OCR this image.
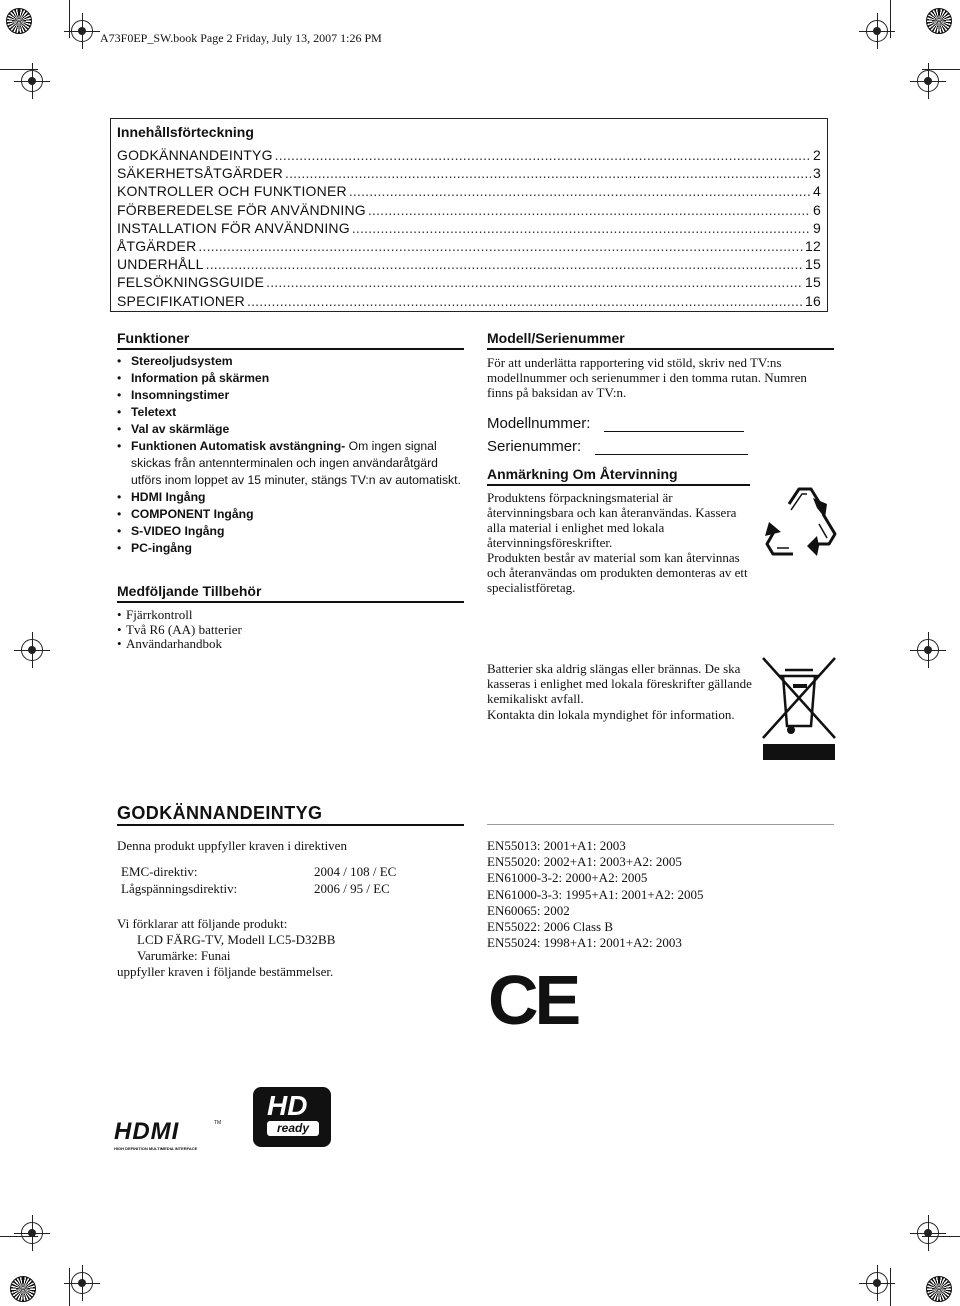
A73F0EP_SW.book Page 2 Friday, July 13, 2007 1:26 PM
Innehållsförteckning
GODKÄNNANDEINTYG .....	2
SÄKERHETSÅTGÄRDER .....	3
KONTROLLER OCH FUNKTIONER .....	4
FÖRBEREDELSE FÖR ANVÄNDNING .....	6
INSTALLATION FÖR ANVÄNDNING .....	9
ÅTGÄRDER .....	12
UNDERHÅLL .....	15
FELSÖKNINGSGUIDE .....	15
SPECIFIKATIONER .....	16
Funktioner
• Stereoljudsystem
• Information på skärmen
• Insomningstimer
• Teletext
• Val av skärmläge
• Funktionen Automatisk avstängning- Om ingen signal skickas från antennterminalen och ingen användaråtgärd utförs inom loppet av 15 minuter, stängs TV:n av automatiskt.
• HDMI Ingång
• COMPONENT Ingång
• S-VIDEO Ingång
• PC-ingång
Medföljande Tillbehör
• Fjärrkontroll
• Två R6 (AA) batterier
• Användarhandbok
Modell/Serienummer

För att underlätta rapportering vid stöld, skriv ned TV:ns modellnummer och serienummer i den tomma rutan. Numren finns på baksidan av TV:n.

Modellnummer:
Serienummer:
Anmärkning Om Återvinning

Produktens förpackningsmaterial är återvinningsbara och kan återanvändas. Kassera alla material i enlighet med lokala återvinningsföreskrifter.

Produkten består av material som kan återvinnas och återanvändas om produkten demonteras av ett specialistföretag.

Batterier ska aldrig slängas eller brännas. De ska kasseras i enlighet med lokala föreskrifter gällande kemikaliskt avfall.

Kontakta din lokala myndighet för information.

GODKÄNNANDEINTYG

Denna produkt uppfyller kraven i direktiven

EMC-direktiv:	2004 / 108 / EC
Lågspänningsdirektiv:	2006 / 95 / EC

Vi förklarar att följande produkt:

LCD FÄRG-TV, Modell LC5-D32BB

Varumärke: Funai

uppfyller kraven i följande bestämmelser.

EN55013: 2001+A1: 2003
EN55020: 2002+A1: 2003+A2: 2005
EN61000-3-2: 2000+A2: 2005
EN61000-3-3: 1995+A1: 2001+A2: 2005
EN60065: 2002
EN55022: 2006 Class B
EN55024: 1998+A1: 2001+A2: 2003
CE
HDMI	TM
HIGH DEFINITION MULTIMEDIA INTERFACE
HD
ready
